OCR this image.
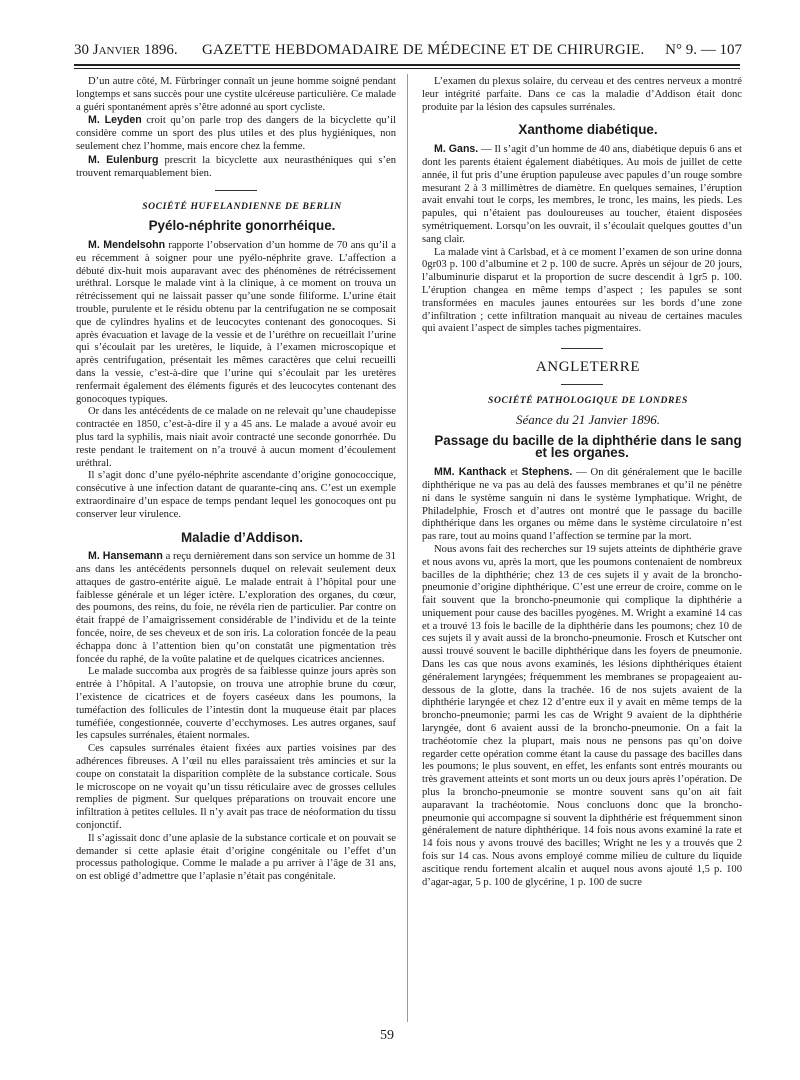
30 Janvier 1896. GAZETTE HEBDOMADAIRE DE MÉDECINE ET DE CHIRURGIE. N° 9. — 107

D’un autre côté, M. Fürbringer connaît un jeune homme soigné pendant longtemps et sans succès pour une cystite ulcéreuse particulière. Ce malade a guéri spontanément après s’être adonné au sport cycliste.

M. Leyden croit qu’on parle trop des dangers de la bicyclette qu’il considère comme un sport des plus utiles et des plus hygiéniques, non seulement chez l’homme, mais encore chez la femme.

M. Eulenburg prescrit la bicyclette aux neurasthéniques qui s’en trouvent remarquablement bien.

SOCIÉTÉ HUFELANDIENNE DE BERLIN

Pyélo-néphrite gonorrhéique.

M. Mendelsohn rapporte l’observation d’un homme de 70 ans qu’il a eu récemment à soigner pour une pyélo-néphrite grave. L’affection a débuté dix-huit mois auparavant avec des phénomènes de rétrécissement uréthral. Lorsque le malade vint à la clinique, à ce moment on trouva un rétrécissement qui ne laissait passer qu’une sonde filiforme. L’urine était trouble, purulente et le résidu obtenu par la centrifugation ne se composait que de cylindres hyalins et de leucocytes contenant des gonocoques. Si après évacuation et lavage de la vessie et de l’uréthre on recueillait l’urine qui s’écoulait par les uretères, le liquide, à l’examen microscopique et après centrifugation, présentait les mêmes caractères que celui recueilli dans la vessie, c’est-à-dire que l’urine qui s’écoulait par les uretères renfermait également des éléments figurés et des leucocytes contenant des gonocoques typiques.

Or dans les antécédents de ce malade on ne relevait qu’une chaudepisse contractée en 1850, c’est-à-dire il y a 45 ans. Le malade a avoué avoir eu plus tard la syphilis, mais niait avoir contracté une seconde gonorrhée. Du reste pendant le traitement on n’a trouvé à aucun moment d’écoulement uréthral.

Il s’agit donc d’une pyélo-néphrite ascendante d’origine gonococcique, consécutive à une infection datant de quarante-cinq ans. C’est un exemple extraordinaire d’un espace de temps pendant lequel les gonocoques ont pu conserver leur virulence.

Maladie d’Addison.

M. Hansemann a reçu dernièrement dans son service un homme de 31 ans dans les antécédents personnels duquel on relevait seulement deux attaques de gastro-entérite aiguë. Le malade entrait à l’hôpital pour une faiblesse générale et un léger ictère. L’exploration des organes, du cœur, des poumons, des reins, du foie, ne révéla rien de particulier. Par contre on était frappé de l’amaigrissement considérable de l’individu et de la teinte foncée, noire, de ses cheveux et de son iris. La coloration foncée de la peau échappa donc à l’attention bien qu’on constatât une pigmentation très foncée du raphé, de la voûte palatine et de quelques cicatrices anciennes.

Le malade succomba aux progrès de sa faiblesse quinze jours après son entrée à l’hôpital. A l’autopsie, on trouva une atrophie brune du cœur, l’existence de cicatrices et de foyers caséeux dans les poumons, la tuméfaction des follicules de l’intestin dont la muqueuse était par places tuméfiée, congestionnée, couverte d’ecchymoses. Les autres organes, sauf les capsules surrénales, étaient normales.

Ces capsules surrénales étaient fixées aux parties voisines par des adhérences fibreuses. A l’œil nu elles paraissaient très amincies et sur la coupe on constatait la disparition complète de la substance corticale. Sous le microscope on ne voyait qu’un tissu réticulaire avec de grosses cellules remplies de pigment. Sur quelques préparations on trouvait encore une infiltration à petites cellules. Il n’y avait pas trace de néoformation du tissu conjonctif.

Il s’agissait donc d’une aplasie de la substance corticale et on pouvait se demander si cette aplasie était d’origine congénitale ou l’effet d’un processus pathologique. Comme le malade a pu arriver à l’âge de 31 ans, on est obligé d’admettre que l’aplasie n’était pas congénitale.

L’examen du plexus solaire, du cerveau et des centres nerveux a montré leur intégrité parfaite. Dans ce cas la maladie d’Addison était donc produite par la lésion des capsules surrénales.

Xanthome diabétique.

M. Gans. — Il s’agit d’un homme de 40 ans, diabétique depuis 6 ans et dont les parents étaient également diabétiques. Au mois de juillet de cette année, il fut pris d’une éruption papuleuse avec papules d’un rouge sombre mesurant 2 à 3 millimètres de diamètre. En quelques semaines, l’éruption avait envahi tout le corps, les membres, le tronc, les mains, les pieds. Les papules, qui n’étaient pas douloureuses au toucher, étaient disposées symétriquement. Lorsqu’on les ouvrait, il s’écoulait quelques gouttes d’un sang clair.

La malade vint à Carlsbad, et à ce moment l’examen de son urine donna 0gr03 p. 100 d’albumine et 2 p. 100 de sucre. Après un séjour de 20 jours, l’albuminurie disparut et la proportion de sucre descendit à 1gr5 p. 100. L’éruption changea en même temps d’aspect ; les papules se sont transformées en macules jaunes entourées sur les bords d’une zone d’infiltration ; cette infiltration manquait au niveau de certaines macules qui avaient l’aspect de simples taches pigmentaires.

ANGLETERRE

SOCIÉTÉ PATHOLOGIQUE DE LONDRES

Séance du 21 Janvier 1896.

Passage du bacille de la diphthérie dans le sang et les organes.

MM. Kanthack et Stephens. — On dit généralement que le bacille diphthérique ne va pas au delà des fausses membranes et qu’il ne pénètre ni dans le système sanguin ni dans le système lymphatique. Wright, de Philadelphie, Frosch et d’autres ont montré que le passage du bacille diphthérique dans les organes ou même dans le système circulatoire n’est pas rare, tout au moins quand l’affection se termine par la mort.

Nous avons fait des recherches sur 19 sujets atteints de diphthérie grave et nous avons vu, après la mort, que les poumons contenaient de nombreux bacilles de la diphthérie; chez 13 de ces sujets il y avait de la broncho-pneumonie d’origine diphthérique. C’est une erreur de croire, comme on le fait souvent que la broncho-pneumonie qui complique la diphthérie a uniquement pour cause des bacilles pyogènes. M. Wright a examiné 14 cas et a trouvé 13 fois le bacille de la diphthérie dans les poumons; chez 10 de ces sujets il y avait aussi de la broncho-pneumonie. Frosch et Kutscher ont aussi trouvé souvent le bacille diphthérique dans les foyers de pneumonie. Dans les cas que nous avons examinés, les lésions diphthériques étaient généralement laryngées; fréquemment les membranes se propageaient au-dessous de la glotte, dans la trachée. 16 de nos sujets avaient de la diphthérie laryngée et chez 12 d’entre eux il y avait en même temps de la broncho-pneumonie; parmi les cas de Wright 9 avaient de la diphthérie laryngée, dont 6 avaient aussi de la broncho-pneumonie. On a fait la trachéotomie chez la plupart, mais nous ne pensons pas qu’on doive regarder cette opération comme étant la cause du passage des bacilles dans les poumons; le plus souvent, en effet, les enfants sont entrés mourants ou très gravement atteints et sont morts un ou deux jours après l’opération. De plus la broncho-pneumonie se montre souvent sans qu’on ait fait auparavant la trachéotomie. Nous concluons donc que la broncho-pneumonie qui accompagne si souvent la diphthérie est fréquemment sinon généralement de nature diphthérique. 14 fois nous avons examiné la rate et 14 fois nous y avons trouvé des bacilles; Wright ne les y a trouvés que 2 fois sur 14 cas. Nous avons employé comme milieu de culture du liquide ascitique rendu fortement alcalin et auquel nous avons ajouté 1,5 p. 100 d’agar-agar, 5 p. 100 de glycérine, 1 p. 100 de sucre

59
